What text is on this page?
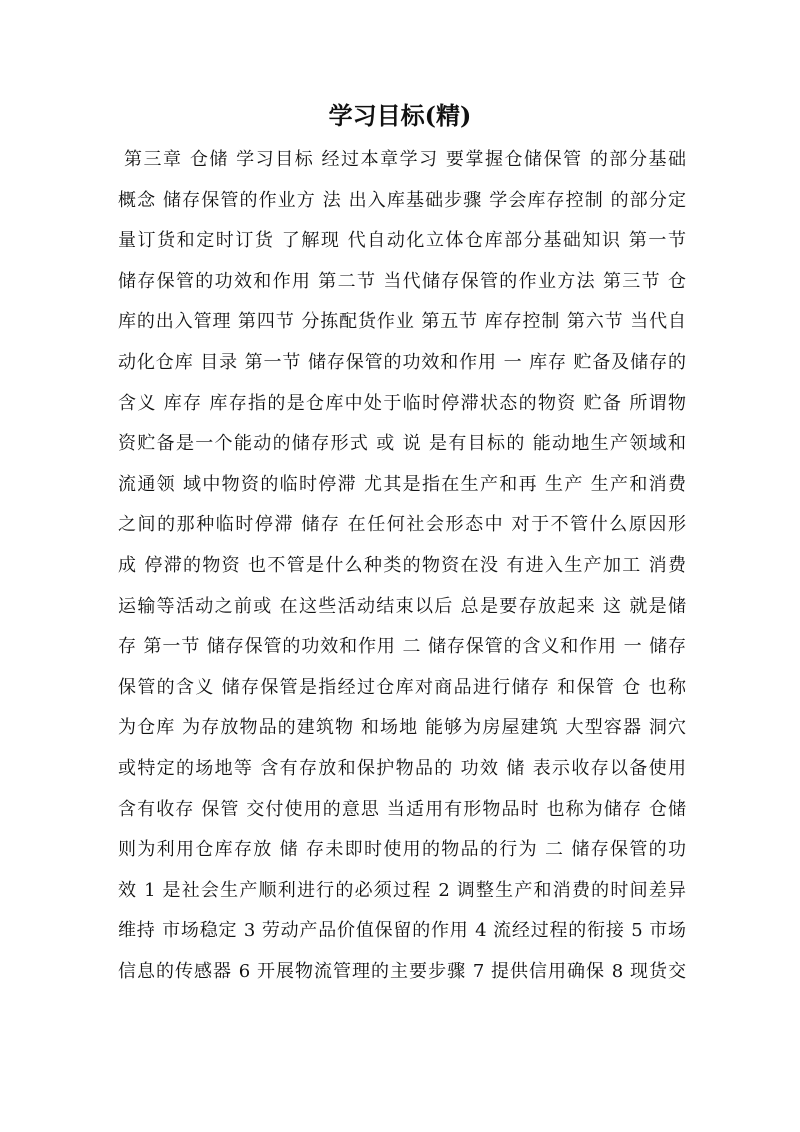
学习目标(精)
第三章 仓储 学习目标 经过本章学习 要掌握仓储保管 的部分基础
概念 储存保管的作业方 法 出入库基础步骤 学会库存控制 的部分定
量订货和定时订货 了解现 代自动化立体仓库部分基础知识 第一节
储存保管的功效和作用 第二节 当代储存保管的作业方法 第三节 仓
库的出入管理 第四节 分拣配货作业 第五节 库存控制 第六节 当代自
动化仓库 目录 第一节 储存保管的功效和作用 一 库存 贮备及储存的
含义 库存 库存指的是仓库中处于临时停滞状态的物资 贮备 所谓物
资贮备是一个能动的储存形式 或 说 是有目标的 能动地生产领域和
流通领 域中物资的临时停滞 尤其是指在生产和再 生产 生产和消费
之间的那种临时停滞 储存 在任何社会形态中 对于不管什么原因形
成 停滞的物资 也不管是什么种类的物资在没 有进入生产加工 消费
运输等活动之前或 在这些活动结束以后 总是要存放起来 这 就是储
存 第一节 储存保管的功效和作用 二 储存保管的含义和作用 一 储存
保管的含义 储存保管是指经过仓库对商品进行储存 和保管 仓 也称
为仓库 为存放物品的建筑物 和场地 能够为房屋建筑 大型容器 洞穴
或特定的场地等 含有存放和保护物品的 功效 储 表示收存以备使用
含有收存 保管 交付使用的意思 当适用有形物品时 也称为储存 仓储
则为利用仓库存放 储 存未即时使用的物品的行为 二 储存保管的功
效 1 是社会生产顺利进行的必须过程 2 调整生产和消费的时间差异
维持 市场稳定 3 劳动产品价值保留的作用 4 流经过程的衔接 5 市场
信息的传感器 6 开展物流管理的主要步骤 7 提供信用确保 8 现货交
